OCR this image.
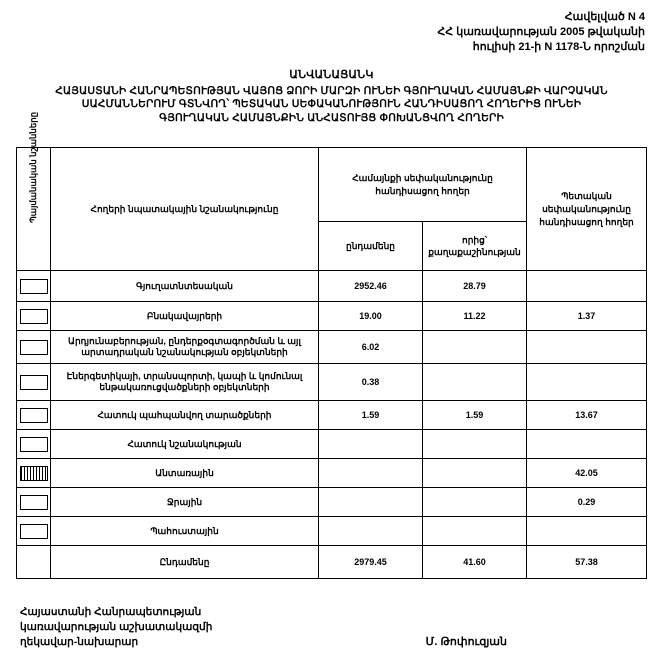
Հավելված N 4
ՀՀ կառավարության 2005 թվականի
հուլիսի 21-ի N 1178-Ն որոշման
ԱՆՎԱՆԱՑԱՆԿ
ՀԱՅԱՍՏԱՆԻ ՀԱՆՐԱՊԵՏՈՒԹՅԱՆ ՎԱՅՈՑ ՁՈՐԻ ՄԱՐԶԻ ՈՒՆԵԻ ԳՅՈՒՂԱԿԱՆ ՀԱՄԱՅՆՔԻ ՎԱՐՉԱԿԱՆ
ՍԱՀՄԱՆՆԵՐՈՒՄ ԳՏՆՎՈՂ՝ ՊԵՏԱԿԱՆ ՍԵՓԱԿԱՆՈՒԹՅՈՒՆ ՀԱՆԴԻՍԱՑՈՂ ՀՈՂԵՐԻՑ ՈՒՆԵԻ
ԳՅՈՒՂԱԿԱՆ ՀԱՄԱՅՆՔԻՆ ԱՆՀԱՏՈՒՅՑ ՓՈԽԱՆՑՎՈՂ ՀՈՂԵՐԻ
Պայմանական նշանները	Հողերի նպատակային նշանակությունը	Համայնքի սեփականությունը հանդիսացող հողեր		Պետական սեփականությունը հանդիսացող հողեր
		ընդամենը	որից՝ քաղաքաշինության	

	Գյուղատնտեսական	2952.46	28.79	

	Բնակավայրերի	19.00	11.22	1.37

	Արդյունաբերության, ընդերքօգտագործման և այլ արտադրական նշանակության օբյեկտների	6.02		

	Էներգետիկայի, տրանսպորտի, կապի և կոմունալ ենթակառուցվածքների օբյեկտների	0.38		

	Հատուկ պահպանվող տարածքների	1.59	1.59	13.67

	Հատուկ նշանակության			

	Անտառային			42.05

	Ջրային			0.29

	Պահուստային			
	Ընդամենը	2979.45	41.60	57.38
Հայաստանի Հանրապետության
կառավարության աշխատակազմի
ղեկավար-նախարար	Մ. Թոփուզյան
